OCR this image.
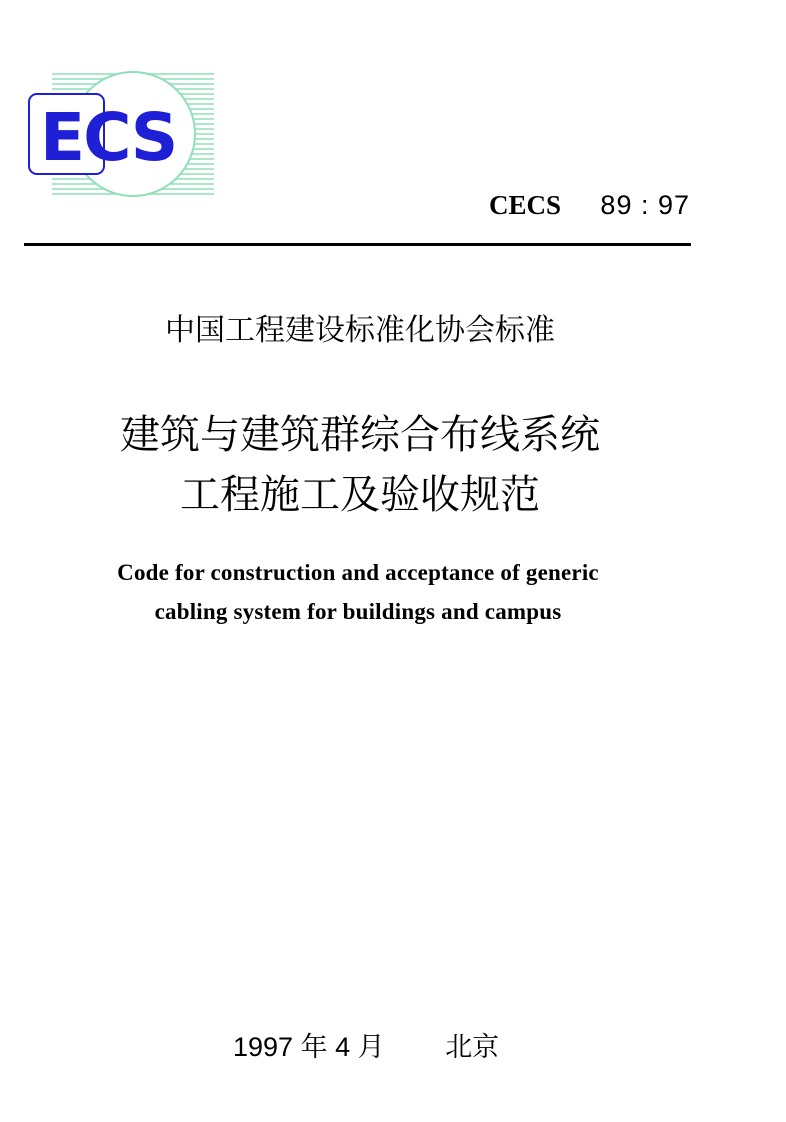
ECS
CECS 89 : 97
中国工程建设标准化协会标准
建筑与建筑群综合布线系统
工程施工及验收规范
Code for construction and acceptance of generic
cabling system for buildings and campus
1997 年 4 月 北京
